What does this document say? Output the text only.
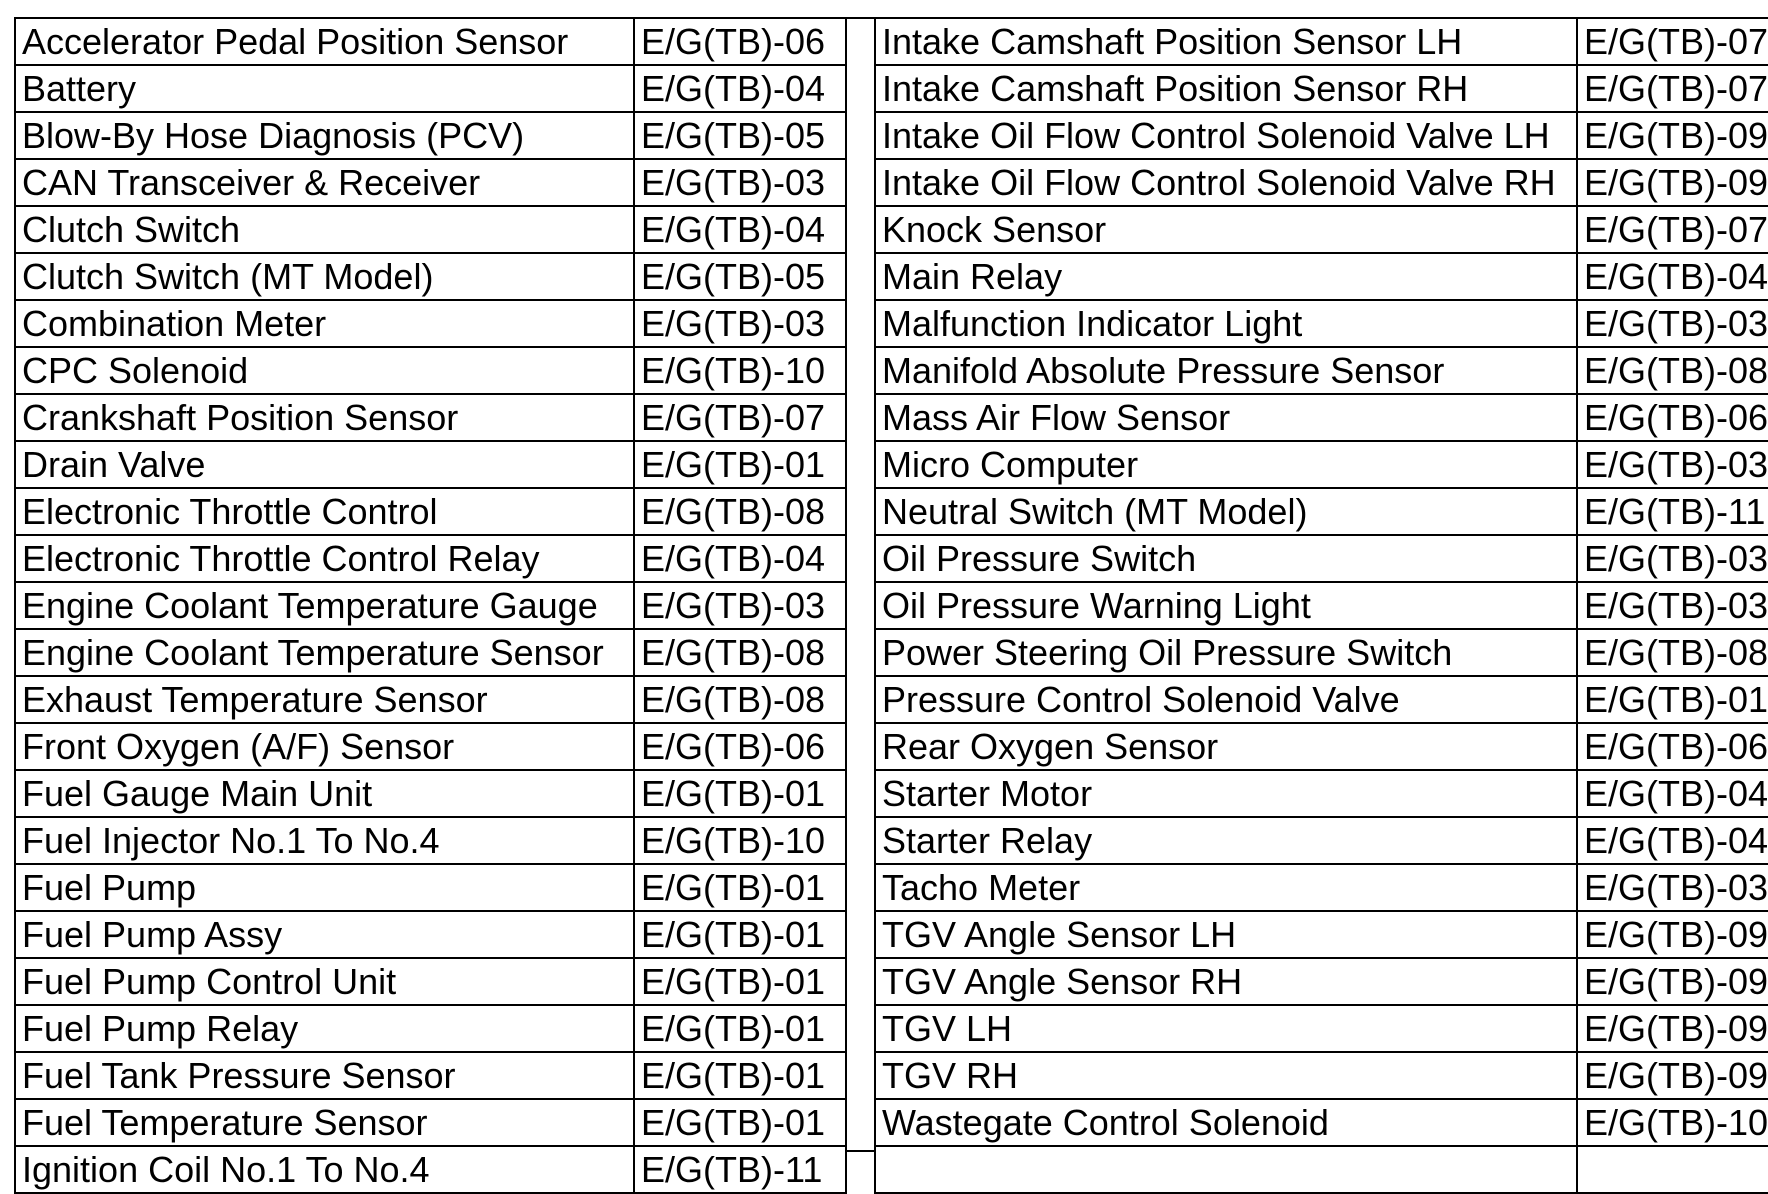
Accelerator Pedal Position Sensor	E/G(TB)-06
Battery	E/G(TB)-04
Blow-By Hose Diagnosis (PCV)	E/G(TB)-05
CAN Transceiver & Receiver	E/G(TB)-03
Clutch Switch	E/G(TB)-04
Clutch Switch (MT Model)	E/G(TB)-05
Combination Meter	E/G(TB)-03
CPC Solenoid	E/G(TB)-10
Crankshaft Position Sensor	E/G(TB)-07
Drain Valve	E/G(TB)-01
Electronic Throttle Control	E/G(TB)-08
Electronic Throttle Control Relay	E/G(TB)-04
Engine Coolant Temperature Gauge	E/G(TB)-03
Engine Coolant Temperature Sensor	E/G(TB)-08
Exhaust Temperature Sensor	E/G(TB)-08
Front Oxygen (A/F) Sensor	E/G(TB)-06
Fuel Gauge Main Unit	E/G(TB)-01
Fuel Injector No.1 To No.4	E/G(TB)-10
Fuel Pump	E/G(TB)-01
Fuel Pump Assy	E/G(TB)-01
Fuel Pump Control Unit	E/G(TB)-01
Fuel Pump Relay	E/G(TB)-01
Fuel Tank Pressure Sensor	E/G(TB)-01
Fuel Temperature Sensor	E/G(TB)-01
Ignition Coil No.1 To No.4	E/G(TB)-11
Intake Camshaft Position Sensor LH	E/G(TB)-07
Intake Camshaft Position Sensor RH	E/G(TB)-07
Intake Oil Flow Control Solenoid Valve LH	E/G(TB)-09
Intake Oil Flow Control Solenoid Valve RH	E/G(TB)-09
Knock Sensor	E/G(TB)-07
Main Relay	E/G(TB)-04
Malfunction Indicator Light	E/G(TB)-03
Manifold Absolute Pressure Sensor	E/G(TB)-08
Mass Air Flow Sensor	E/G(TB)-06
Micro Computer	E/G(TB)-03
Neutral Switch (MT Model)	E/G(TB)-11
Oil Pressure Switch	E/G(TB)-03
Oil Pressure Warning Light	E/G(TB)-03
Power Steering Oil Pressure Switch	E/G(TB)-08
Pressure Control Solenoid Valve	E/G(TB)-01
Rear Oxygen Sensor	E/G(TB)-06
Starter Motor	E/G(TB)-04
Starter Relay	E/G(TB)-04
Tacho Meter	E/G(TB)-03
TGV Angle Sensor LH	E/G(TB)-09
TGV Angle Sensor RH	E/G(TB)-09
TGV LH	E/G(TB)-09
TGV RH	E/G(TB)-09
Wastegate Control Solenoid	E/G(TB)-10
